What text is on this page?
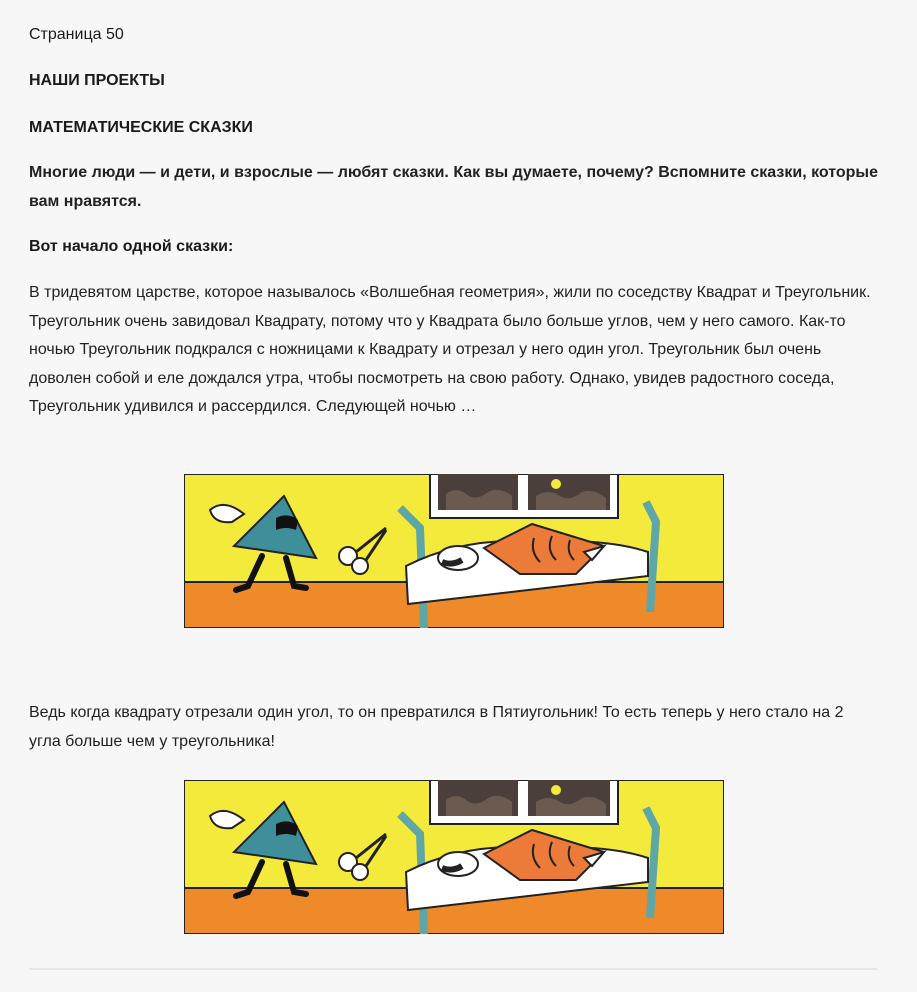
Страница 50

НАШИ ПРОЕКТЫ

МАТЕМАТИЧЕСКИЕ СКАЗКИ

Многие люди — и дети, и взрослые — любят сказки. Как вы думаете, почему? Вспомните сказки, которые вам нравятся.

Вот начало одной сказки:

В тридевятом царстве, которое называлось «Волшебная геометрия», жили по соседству Квадрат и Треугольник. Треугольник очень завидовал Квадрату, потому что у Квадрата было больше углов, чем у него самого. Как-то ночью Треугольник подкрался с ножницами к Квадрату и отрезал у него один угол. Треугольник был очень доволен собой и еле дождался утра, чтобы посмотреть на свою работу. Однако, увидев радостного соседа, Треугольник удивился и рассердился. Следующей ночью …

Ведь когда квадрату отрезали один угол, то он превратился в Пятиугольник! То есть теперь у него стало на 2 угла больше чем у треугольника!
